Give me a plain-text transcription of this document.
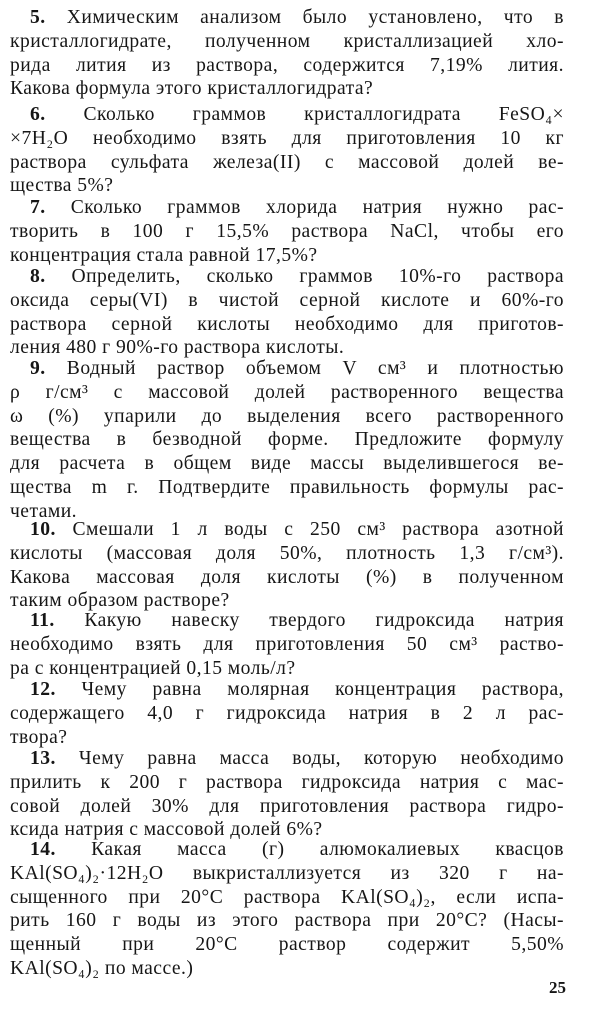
5. Химическим анализом было установлено, что в
кристаллогидрате, полученном кристаллизацией хло-
рида лития из раствора, содержится 7,19% лития.
Какова формула этого кристаллогидрата?
6. Сколько граммов кристаллогидрата FeSO₄×
×7H₂O необходимо взять для приготовления 10 кг
раствора сульфата железа(II) с массовой долей ве-
щества 5%?
7. Сколько граммов хлорида натрия нужно рас-
творить в 100 г 15,5% раствора NaCl, чтобы его
концентрация стала равной 17,5%?
8. Определить, сколько граммов 10%-го раствора
оксида серы(VI) в чистой серной кислоте и 60%-го
раствора серной кислоты необходимо для приготов-
ления 480 г 90%-го раствора кислоты.
9. Водный раствор объемом V см³ и плотностью
ρ г/см³ с массовой долей растворенного вещества
ω (%) упарили до выделения всего растворенного
вещества в безводной форме. Предложите формулу
для расчета в общем виде массы выделившегося ве-
щества m г. Подтвердите правильность формулы рас-
четами.
10. Смешали 1 л воды с 250 см³ раствора азотной
кислоты (массовая доля 50%, плотность 1,3 г/см³).
Какова массовая доля кислоты (%) в полученном
таким образом растворе?
11. Какую навеску твердого гидроксида натрия
необходимо взять для приготовления 50 см³ раство-
ра с концентрацией 0,15 моль/л?
12. Чему равна молярная концентрация раствора,
содержащего 4,0 г гидроксида натрия в 2 л рас-
твора?
13. Чему равна масса воды, которую необходимо
прилить к 200 г раствора гидроксида натрия с мас-
совой долей 30% для приготовления раствора гидро-
ксида натрия с массовой долей 6%?
14. Какая масса (г) алюмокалиевых квасцов
KAl(SO₄)₂·12H₂O выкристаллизуется из 320 г на-
сыщенного при 20°C раствора KAl(SO₄)₂, если испа-
рить 160 г воды из этого раствора при 20°C? (Насы-
щенный при 20°C раствор содержит 5,50%
KAl(SO₄)₂ по массе.)
25
